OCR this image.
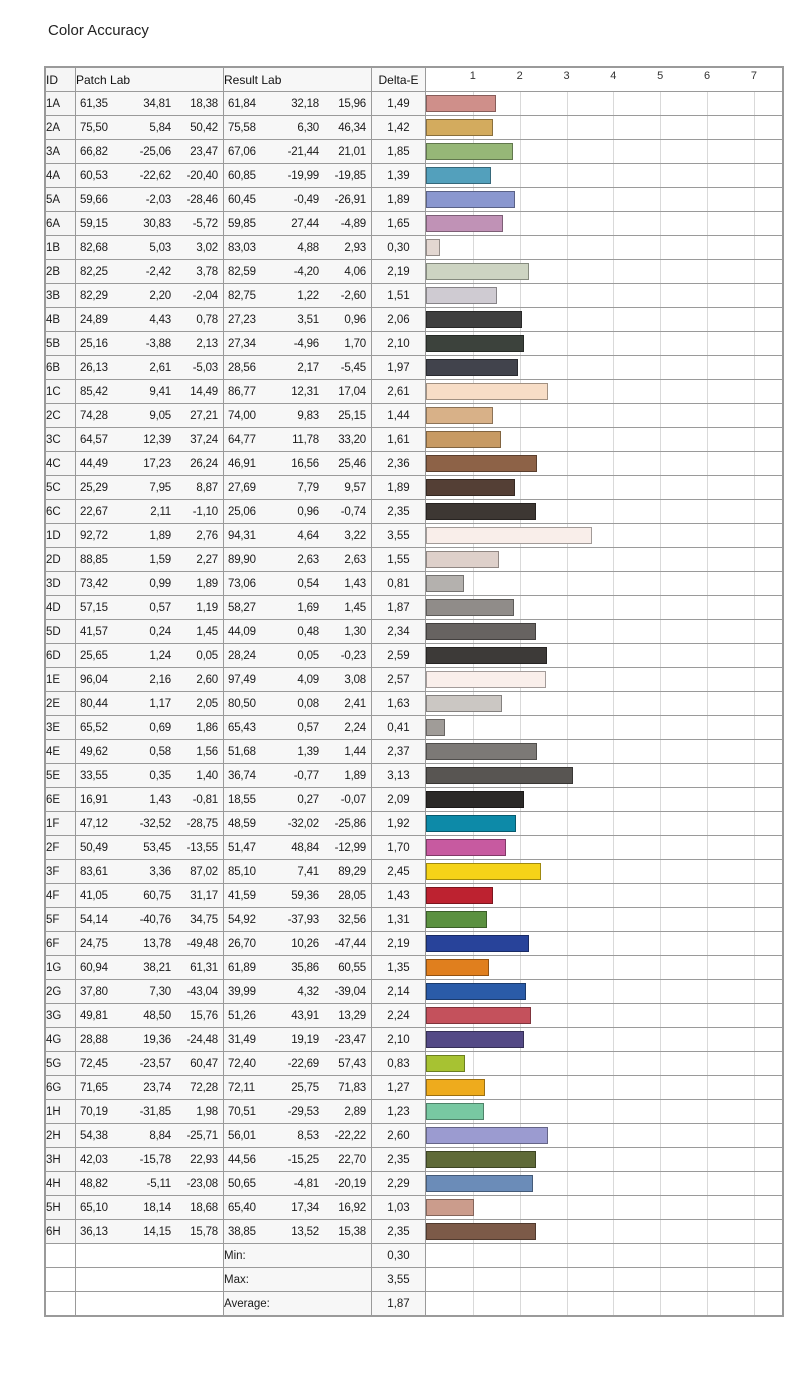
Color Accuracy
ID	Patch Lab	Result Lab	Delta-E	1	2	3	4	5	6	7

1A	61,35 34,81 18,38	61,84 32,18 15,96	1,49	

2A	75,50 5,84 50,42	75,58 6,30 46,34	1,42	

3A	66,82 -25,06 23,47	67,06 -21,44 21,01	1,85	

4A	60,53 -22,62 -20,40	60,85 -19,99 -19,85	1,39	

5A	59,66 -2,03 -28,46	60,45 -0,49 -26,91	1,89	

6A	59,15 30,83 -5,72	59,85 27,44 -4,89	1,65	

1B	82,68 5,03 3,02	83,03 4,88 2,93	0,30	

2B	82,25 -2,42 3,78	82,59 -4,20 4,06	2,19	

3B	82,29 2,20 -2,04	82,75 1,22 -2,60	1,51	

4B	24,89 4,43 0,78	27,23 3,51 0,96	2,06	

5B	25,16 -3,88 2,13	27,34 -4,96 1,70	2,10	

6B	26,13 2,61 -5,03	28,56 2,17 -5,45	1,97	

1C	85,42 9,41 14,49	86,77 12,31 17,04	2,61	

2C	74,28 9,05 27,21	74,00 9,83 25,15	1,44	

3C	64,57 12,39 37,24	64,77 11,78 33,20	1,61	

4C	44,49 17,23 26,24	46,91 16,56 25,46	2,36	

5C	25,29 7,95 8,87	27,69 7,79 9,57	1,89	

6C	22,67 2,11 -1,10	25,06 0,96 -0,74	2,35	

1D	92,72 1,89 2,76	94,31 4,64 3,22	3,55	

2D	88,85 1,59 2,27	89,90 2,63 2,63	1,55	

3D	73,42 0,99 1,89	73,06 0,54 1,43	0,81	

4D	57,15 0,57 1,19	58,27 1,69 1,45	1,87	

5D	41,57 0,24 1,45	44,09 0,48 1,30	2,34	

6D	25,65 1,24 0,05	28,24 0,05 -0,23	2,59	

1E	96,04 2,16 2,60	97,49 4,09 3,08	2,57	

2E	80,44 1,17 2,05	80,50 0,08 2,41	1,63	

3E	65,52 0,69 1,86	65,43 0,57 2,24	0,41	

4E	49,62 0,58 1,56	51,68 1,39 1,44	2,37	

5E	33,55 0,35 1,40	36,74 -0,77 1,89	3,13	

6E	16,91 1,43 -0,81	18,55 0,27 -0,07	2,09	

1F	47,12 -32,52 -28,75	48,59 -32,02 -25,86	1,92	

2F	50,49 53,45 -13,55	51,47 48,84 -12,99	1,70	

3F	83,61 3,36 87,02	85,10 7,41 89,29	2,45	

4F	41,05 60,75 31,17	41,59 59,36 28,05	1,43	

5F	54,14 -40,76 34,75	54,92 -37,93 32,56	1,31	

6F	24,75 13,78 -49,48	26,70 10,26 -47,44	2,19	

1G	60,94 38,21 61,31	61,89 35,86 60,55	1,35	

2G	37,80 7,30 -43,04	39,99 4,32 -39,04	2,14	

3G	49,81 48,50 15,76	51,26 43,91 13,29	2,24	

4G	28,88 19,36 -24,48	31,49 19,19 -23,47	2,10	

5G	72,45 -23,57 60,47	72,40 -22,69 57,43	0,83	

6G	71,65 23,74 72,28	72,11 25,75 71,83	1,27	

1H	70,19 -31,85 1,98	70,51 -29,53 2,89	1,23	

2H	54,38 8,84 -25,71	56,01 8,53 -22,22	2,60	

3H	42,03 -15,78 22,93	44,56 -15,25 22,70	2,35	

4H	48,82 -5,11 -23,08	50,65 -4,81 -20,19	2,29	

5H	65,10 18,14 18,68	65,40 17,34 16,92	1,03	

6H	36,13 14,15 15,78	38,85 13,52 15,38	2,35	

		Min:	0,30	

		Max:	3,55	

		Average:	1,87	
